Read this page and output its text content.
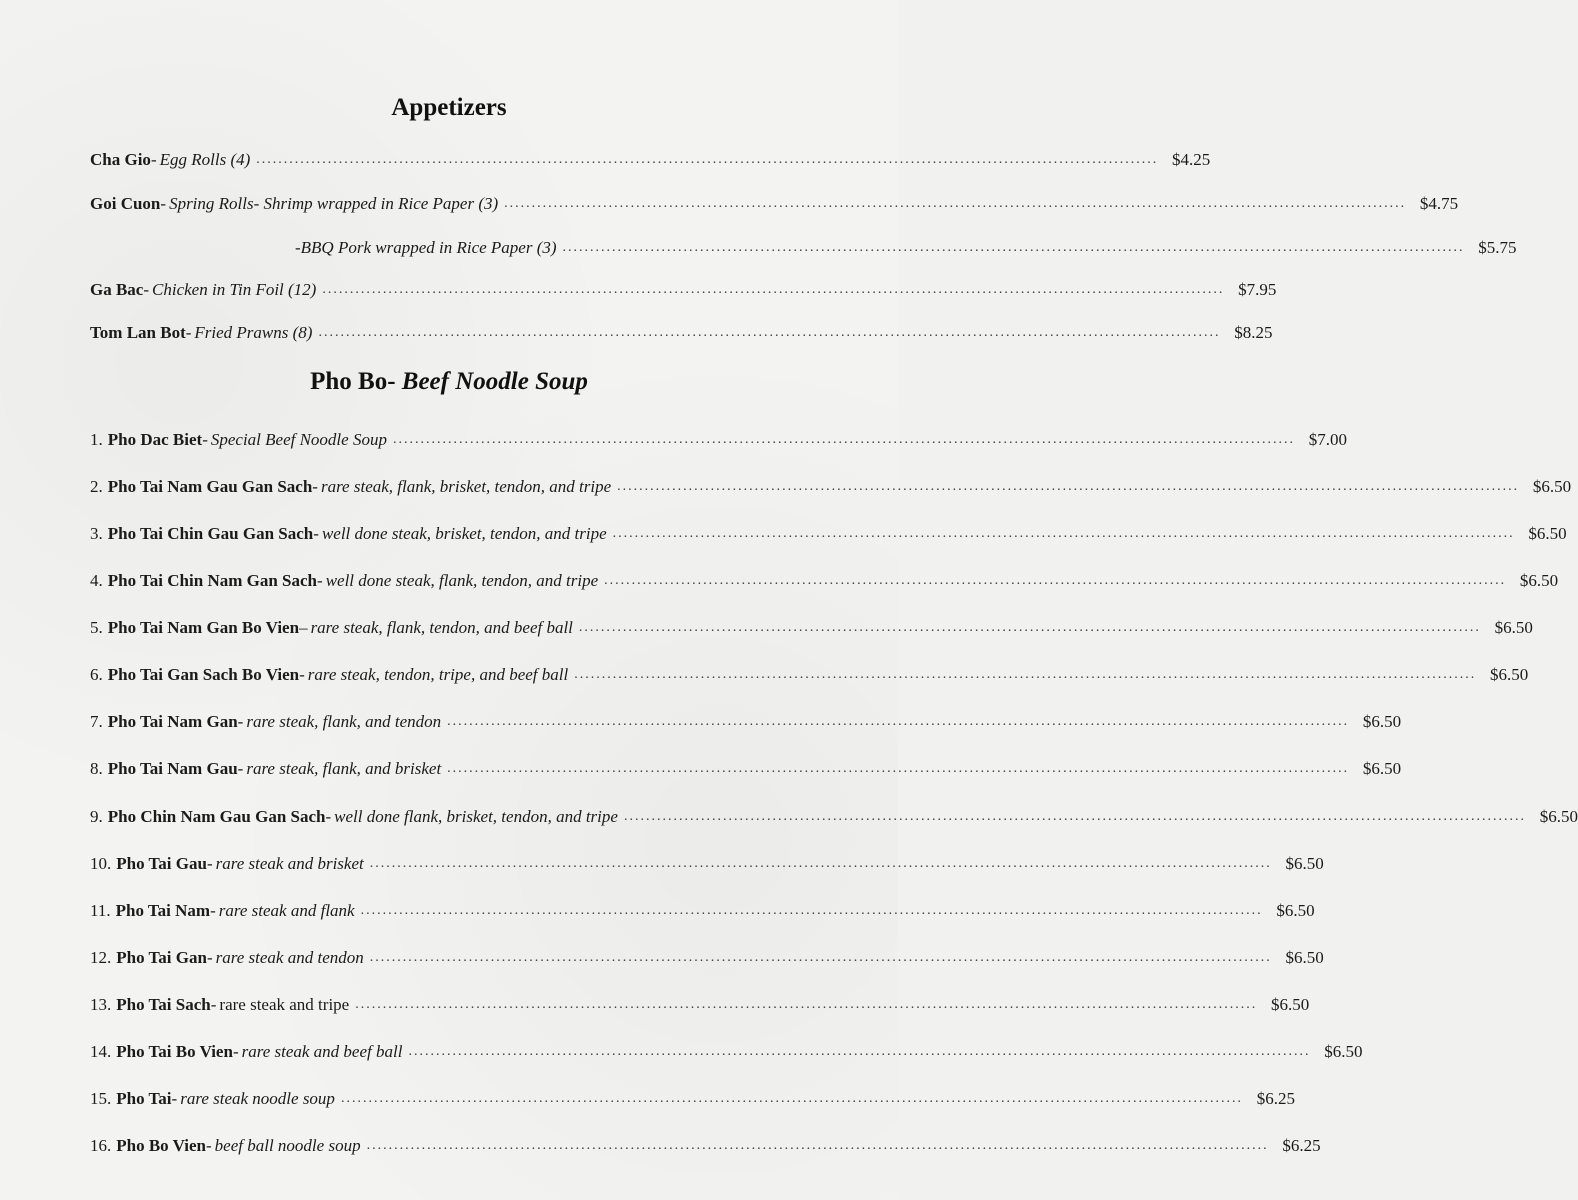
Appetizers
Cha Gio - Egg Rolls (4) .................................................................................................................................................................... $4.25
Goi Cuon - Spring Rolls- Shrimp wrapped in Rice Paper (3) .................................................................................................................................................................... $4.75
-BBQ Pork wrapped in Rice Paper (3) .................................................................................................................................................................... $5.75
Ga Bac - Chicken in Tin Foil (12) .................................................................................................................................................................... $7.95
Tom Lan Bot - Fried Prawns (8) .................................................................................................................................................................... $8.25
Pho Bo- Beef Noodle Soup
1. Pho Dac Biet - Special Beef Noodle Soup .................................................................................................................................................................... $7.00
2. Pho Tai Nam Gau Gan Sach - rare steak, flank, brisket, tendon, and tripe .................................................................................................................................................................... $6.50
3. Pho Tai Chin Gau Gan Sach - well done steak, brisket, tendon, and tripe .................................................................................................................................................................... $6.50
4. Pho Tai Chin Nam Gan Sach - well done steak, flank, tendon, and tripe .................................................................................................................................................................... $6.50
5. Pho Tai Nam Gan Bo Vien – rare steak, flank, tendon, and beef ball .................................................................................................................................................................... $6.50
6. Pho Tai Gan Sach Bo Vien - rare steak, tendon, tripe, and beef ball .................................................................................................................................................................... $6.50
7. Pho Tai Nam Gan - rare steak, flank, and tendon .................................................................................................................................................................... $6.50
8. Pho Tai Nam Gau - rare steak, flank, and brisket .................................................................................................................................................................... $6.50
9. Pho Chin Nam Gau Gan Sach - well done flank, brisket, tendon, and tripe .................................................................................................................................................................... $6.50
10. Pho Tai Gau - rare steak and brisket .................................................................................................................................................................... $6.50
11. Pho Tai Nam - rare steak and flank .................................................................................................................................................................... $6.50
12. Pho Tai Gan - rare steak and tendon .................................................................................................................................................................... $6.50
13. Pho Tai Sach - rare steak and tripe .................................................................................................................................................................... $6.50
14. Pho Tai Bo Vien - rare steak and beef ball .................................................................................................................................................................... $6.50
15. Pho Tai - rare steak noodle soup .................................................................................................................................................................... $6.25
16. Pho Bo Vien - beef ball noodle soup .................................................................................................................................................................... $6.25
